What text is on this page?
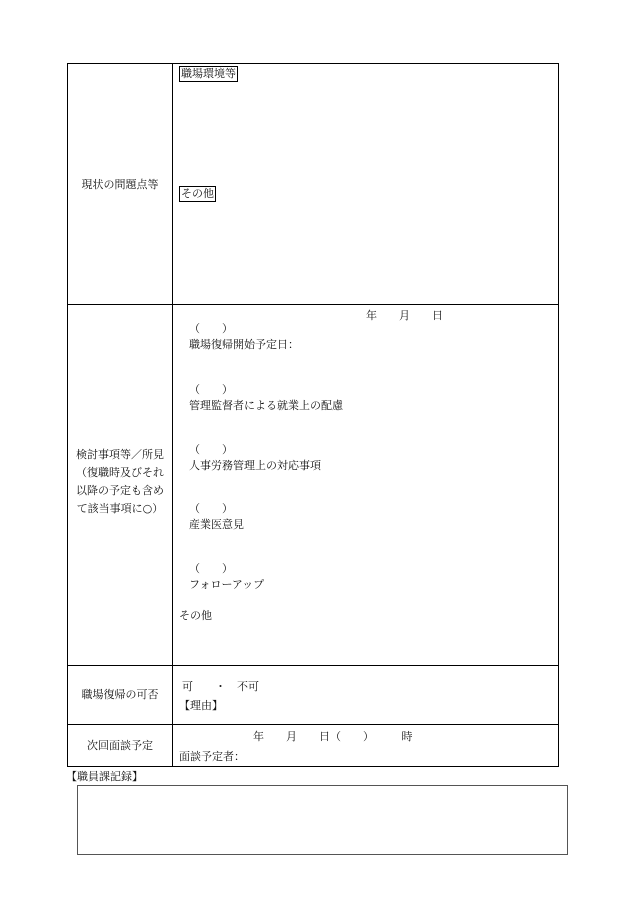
現状の問題点等
職場環境等
その他
検討事項等／所見
（復職時及びそれ
以降の予定も含め
て該当事項に○）

（　　）
職場復帰開始予定日：

年　　月　　日

（　　）
管理監督者による就業上の配慮

（　　）
人事労務管理上の対応事項

（　　）
産業医意見

（　　）
フォローアップ

その他
職場復帰の可否
可　　・　不可
【理由】
次回面談予定
年　　月　　日（　　）　　　時
面談予定者：
【職員課記録】
